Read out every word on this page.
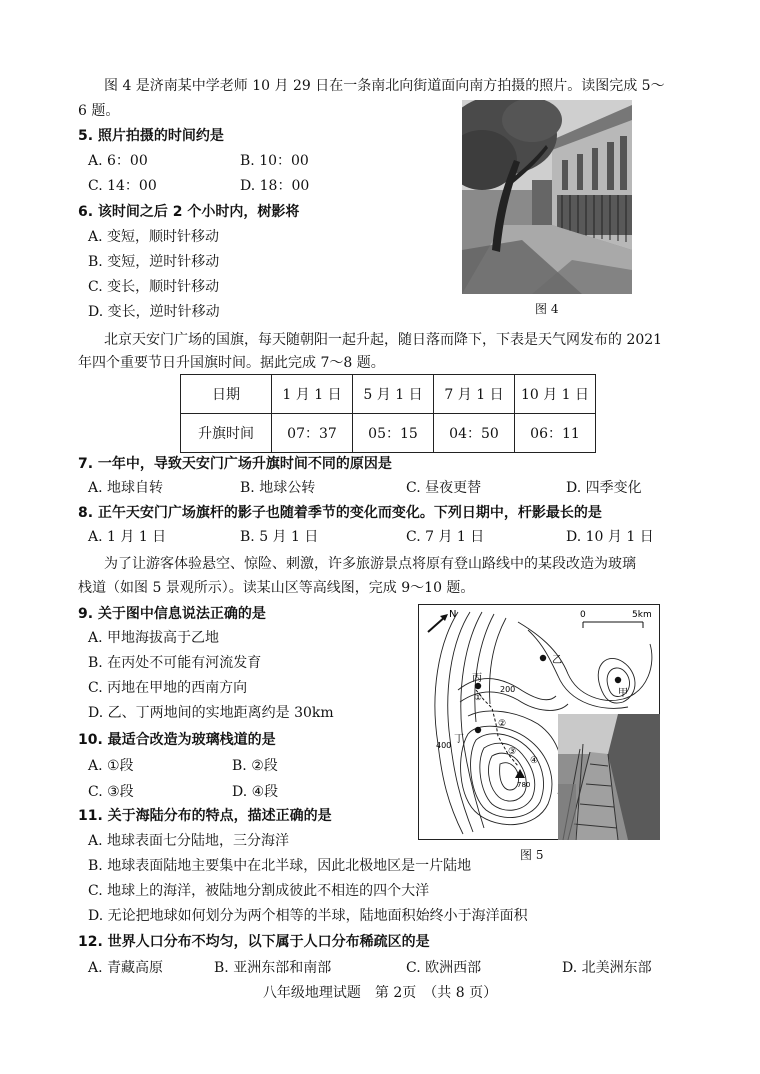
图 4 是济南某中学老师 10 月 29 日在一条南北向街道面向南方拍摄的照片。读图完成 5～
6 题。
5. 照片拍摄的时间约是
A. 6：00	B. 10：00
C. 14：00	D. 18：00
6. 该时间之后 2 个小时内，树影将
A. 变短，顺时针移动
B. 变短，逆时针移动
C. 变长，顺时针移动
D. 变长，逆时针移动	图 4
北京天安门广场的国旗，每天随朝阳一起升起，随日落而降下，下表是天气网发布的 2021
年四个重要节日升国旗时间。据此完成 7～8 题。
日期	1 月 1 日	5 月 1 日	7 月 1 日	10 月 1 日
升旗时间	07：37	05：15	04：50	06：11
7. 一年中，导致天安门广场升旗时间不同的原因是
A. 地球自转	B. 地球公转	C. 昼夜更替	D. 四季变化
8. 正午天安门广场旗杆的影子也随着季节的变化而变化。下列日期中，杆影最长的是
A. 1 月 1 日	B. 5 月 1 日	C. 7 月 1 日	D. 10 月 1 日
为了让游客体验悬空、惊险、刺激，许多旅游景点将原有登山路线中的某段改造为玻璃
栈道（如图 5 景观所示）。读某山区等高线图，完成 9～10 题。
9. 关于图中信息说法正确的是
A. 甲地海拔高于乙地
B. 在丙处不可能有河流发育
C. 丙地在甲地的西南方向
D. 乙、丁两地间的实地距离约是 30km
10. 最适合改造为玻璃栈道的是
A. ①段	B. ②段
C. ③段	D. ④段
N	0	5km
丙
乙
甲
丁
200
400
780
①
②
③
④
图 5
11. 关于海陆分布的特点，描述正确的是
A. 地球表面七分陆地，三分海洋
B. 地球表面陆地主要集中在北半球，因此北极地区是一片陆地
C. 地球上的海洋，被陆地分割成彼此不相连的四个大洋
D. 无论把地球如何划分为两个相等的半球，陆地面积始终小于海洋面积
12. 世界人口分布不均匀，以下属于人口分布稀疏区的是
A. 青藏高原	B. 亚洲东部和南部	C. 欧洲西部	D. 北美洲东部
八年级地理试题　第 2页　（共 8 页）
